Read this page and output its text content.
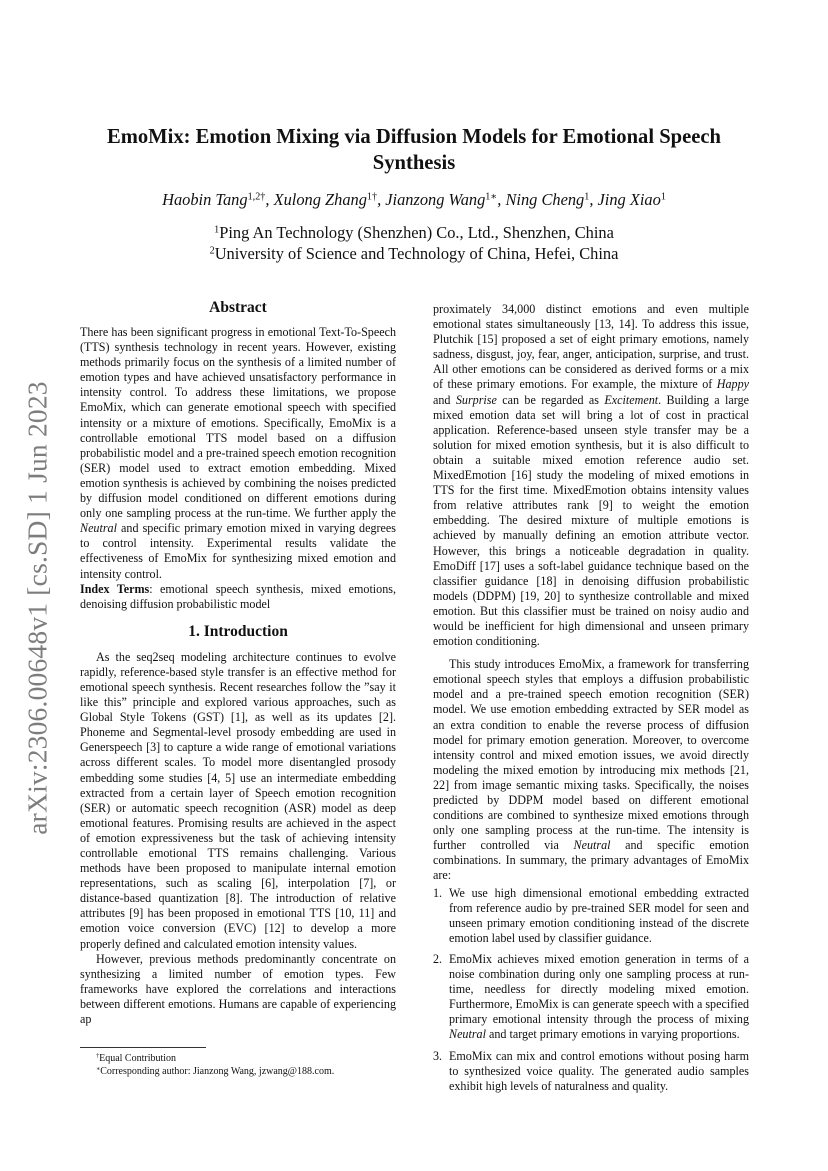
arXiv:2306.00648v1 [cs.SD] 1 Jun 2023
EmoMix: Emotion Mixing via Diffusion Models for Emotional Speech Synthesis
Haobin Tang$^{1,2\dagger}$, Xulong Zhang$^{1\dagger}$, Jianzong Wang$^{1∗}$, Ning Cheng$^1$, Jing Xiao$^1$
$^1$Ping An Technology (Shenzhen) Co., Ltd., Shenzhen, China
$^2$University of Science and Technology of China, Hefei, China
Abstract

There has been significant progress in emotional Text-To-Speech (TTS) synthesis technology in recent years. However, existing methods primarily focus on the synthesis of a limited number of emotion types and have achieved unsatisfactory performance in intensity control. To address these limitations, we propose EmoMix, which can generate emotional speech with specified intensity or a mixture of emotions. Specifically, EmoMix is a controllable emotional TTS model based on a diffusion probabilistic model and a pre-trained speech emotion recognition (SER) model used to extract emotion embedding. Mixed emotion synthesis is achieved by combining the noises predicted by diffusion model conditioned on different emotions during only one sampling process at the run-time. We further apply the Neutral and specific primary emotion mixed in varying degrees to control intensity. Experimental results validate the effectiveness of EmoMix for synthesizing mixed emotion and intensity control.

Index Terms: emotional speech synthesis, mixed emotions, denoising diffusion probabilistic model

1. Introduction

As the seq2seq modeling architecture continues to evolve rapidly, reference-based style transfer is an effective method for emotional speech synthesis. Recent researches follow the ”say it like this” principle and explored various approaches, such as Global Style Tokens (GST) [1], as well as its updates [2]. Phoneme and Segmental-level prosody embedding are used in Generspeech [3] to capture a wide range of emotional variations across different scales. To model more disentangled prosody embedding some studies [4, 5] use an intermediate embedding extracted from a certain layer of Speech emotion recognition (SER) or automatic speech recognition (ASR) model as deep emotional features. Promising results are achieved in the aspect of emotion expressiveness but the task of achieving intensity controllable emotional TTS remains challenging. Various methods have been proposed to manipulate internal emotion representations, such as scaling [6], interpolation [7], or distance-based quantization [8]. The introduction of relative attributes [9] has been proposed in emotional TTS [10, 11] and emotion voice conversion (EVC) [12] to develop a more properly defined and calculated emotion intensity values.

However, previous methods predominantly concentrate on synthesizing a limited number of emotion types. Few frameworks have explored the correlations and interactions between different emotions. Humans are capable of experiencing ap

†Equal Contribution

∗Corresponding author: Jianzong Wang, jzwang@188.com.

proximately 34,000 distinct emotions and even multiple emotional states simultaneously [13, 14]. To address this issue, Plutchik [15] proposed a set of eight primary emotions, namely sadness, disgust, joy, fear, anger, anticipation, surprise, and trust. All other emotions can be considered as derived forms or a mix of these primary emotions. For example, the mixture of Happy and Surprise can be regarded as Excitement. Building a large mixed emotion data set will bring a lot of cost in practical application. Reference-based unseen style transfer may be a solution for mixed emotion synthesis, but it is also difficult to obtain a suitable mixed emotion reference audio set. MixedEmotion [16] study the modeling of mixed emotions in TTS for the first time. MixedEmotion obtains intensity values from relative attributes rank [9] to weight the emotion embedding. The desired mixture of multiple emotions is achieved by manually defining an emotion attribute vector. However, this brings a noticeable degradation in quality. EmoDiff [17] uses a soft-label guidance technique based on the classifier guidance [18] in denoising diffusion probabilistic models (DDPM) [19, 20] to synthesize controllable and mixed emotion. But this classifier must be trained on noisy audio and would be inefficient for high dimensional and unseen primary emotion conditioning.

This study introduces EmoMix, a framework for transferring emotional speech styles that employs a diffusion probabilistic model and a pre-trained speech emotion recognition (SER) model. We use emotion embedding extracted by SER model as an extra condition to enable the reverse process of diffusion model for primary emotion generation. Moreover, to overcome intensity control and mixed emotion issues, we avoid directly modeling the mixed emotion by introducing mix methods [21, 22] from image semantic mixing tasks. Specifically, the noises predicted by DDPM model based on different emotional conditions are combined to synthesize mixed emotions through only one sampling process at the run-time. The intensity is further controlled via Neutral and specific emotion combinations. In summary, the primary advantages of EmoMix are:

1. We use high dimensional emotional embedding extracted from reference audio by pre-trained SER model for seen and unseen primary emotion conditioning instead of the discrete emotion label used by classifier guidance.
2. EmoMix achieves mixed emotion generation in terms of a noise combination during only one sampling process at run-time, needless for directly modeling mixed emotion. Furthermore, EmoMix is can generate speech with a specified primary emotional intensity through the process of mixing Neutral and target primary emotions in varying proportions.
3. EmoMix can mix and control emotions without posing harm to synthesized voice quality. The generated audio samples exhibit high levels of naturalness and quality.
